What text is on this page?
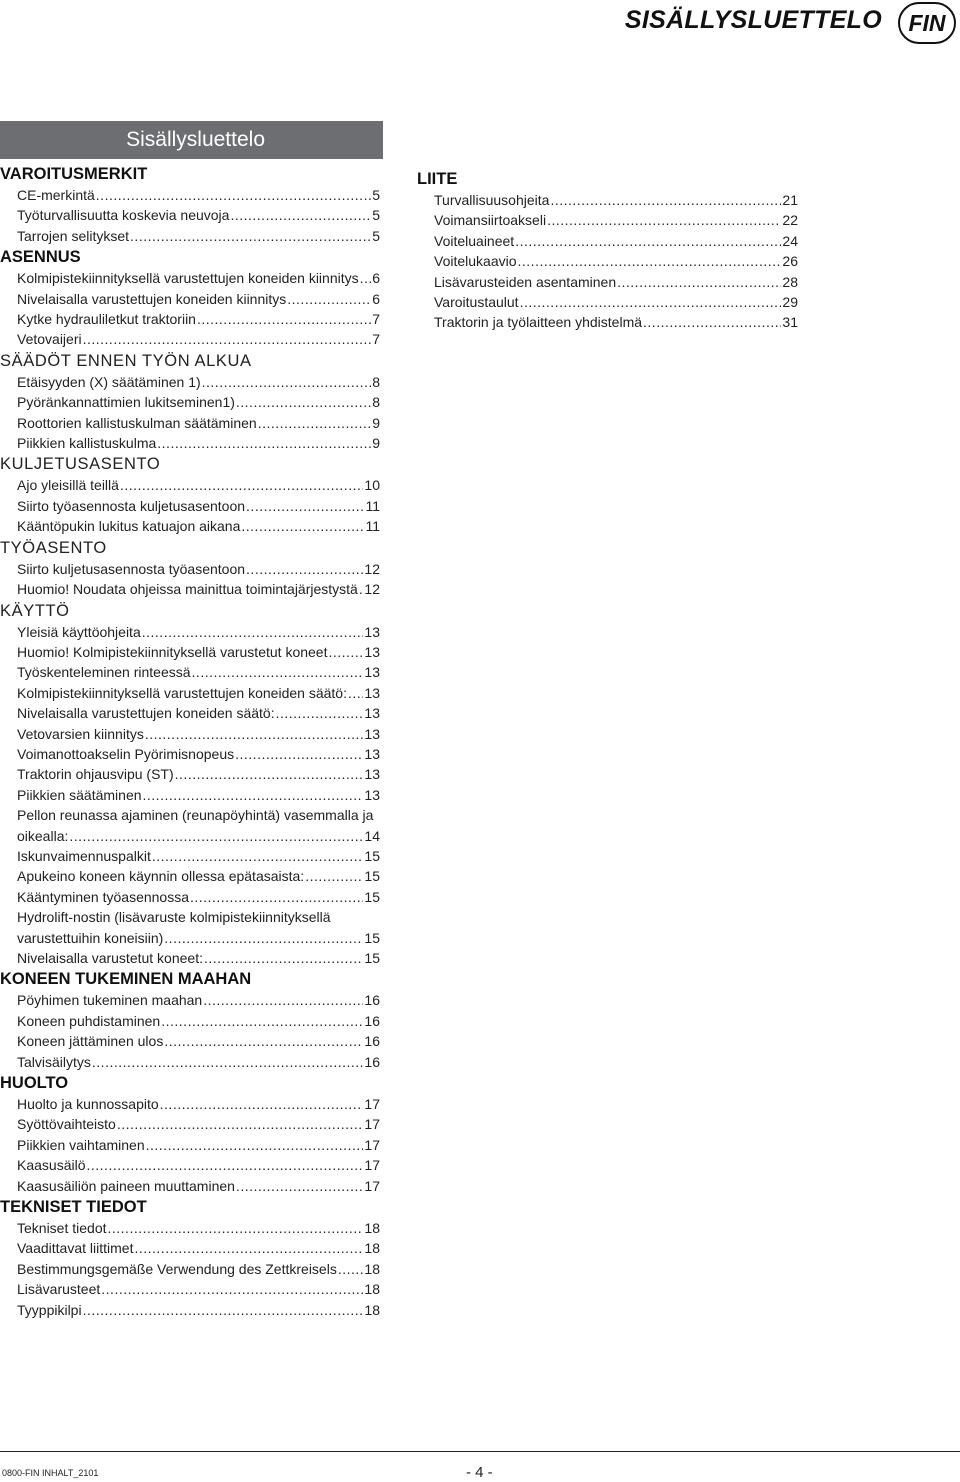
SISÄLLYSLUETTELO	FIN
Sisällysluettelo
VAROITUSMERKIT
CE-merkintä .....	5
Työturvallisuutta koskevia neuvoja .....	5
Tarrojen selitykset .....	5
ASENNUS
Kolmipistekiinnityksellä varustettujen koneiden kiinnitys ..... 6
Nivelaisalla varustettujen koneiden kiinnitys .....	6
Kytke hydrauliletkut traktoriin .....	7
Vetovaijeri .....	7
SÄÄDÖT ENNEN TYÖN ALKUA
Etäisyyden (X) säätäminen 1) .....	8
Pyöränkannattimien lukitseminen1) .....	8
Roottorien kallistuskulman säätäminen .....	9
Piikkien kallistuskulma .....	9
KULJETUSASENTO
Ajo yleisillä teillä .....	10
Siirto työasennosta kuljetusasentoon .....	11
Kääntöpukin lukitus katuajon aikana .....	11
TYÖASENTO
Siirto kuljetusasennosta työasentoon .....	12
Huomio! Noudata ohjeissa mainittua toimintajärjestystä ..... 12
KÄYTTÖ
Yleisiä käyttöohjeita .....	13
Huomio! Kolmipistekiinnityksellä varustetut koneet .....	13
Työskenteleminen rinteessä .....	13
Kolmipistekiinnityksellä varustettujen koneiden säätö: ..... 13
Nivelaisalla varustettujen koneiden säätö: .....	13
Vetovarsien kiinnitys .....	13
Voimanottoakselin Pyörimisnopeus .....	13
Traktorin ohjausvipu (ST) .....	13
Piikkien säätäminen .....	13
Pellon reunassa ajaminen (reunapöyhintä) vasemmalla ja
oikealla: .....	14
Iskunvaimennuspalkit .....	15
Apukeino koneen käynnin ollessa epätasaista: .....	15
Kääntyminen työasennossa .....	15
Hydrolift-nostin (lisävaruste kolmipistekiinnityksellä
varustettuihin koneisiin) .....	15
Nivelaisalla varustetut koneet: .....	15
KONEEN TUKEMINEN MAAHAN
Pöyhimen tukeminen maahan .....	16
Koneen puhdistaminen .....	16
Koneen jättäminen ulos .....	16
Talvisäilytys .....	16
HUOLTO
Huolto ja kunnossapito .....	17
Syöttövaihteisto .....	17
Piikkien vaihtaminen .....	17
Kaasusäilö .....	17
Kaasusäiliön paineen muuttaminen .....	17
TEKNISET TIEDOT
Tekniset tiedot .....	18
Vaadittavat liittimet .....	18
Bestimmungsgemäße Verwendung des Zettkreisels ..... 18
Lisävarusteet .....	18
Tyyppikilpi .....	18
LIITE
Turvallisuusohjeita .....	21
Voimansiirtoakseli .....	22
Voiteluaineet .....	24
Voitelukaavio .....	26
Lisävarusteiden asentaminen .....	28
Varoitustaulut .....	29
Traktorin ja työlaitteen yhdistelmä .....	31
0800-FIN INHALT_2101	- 4 -
